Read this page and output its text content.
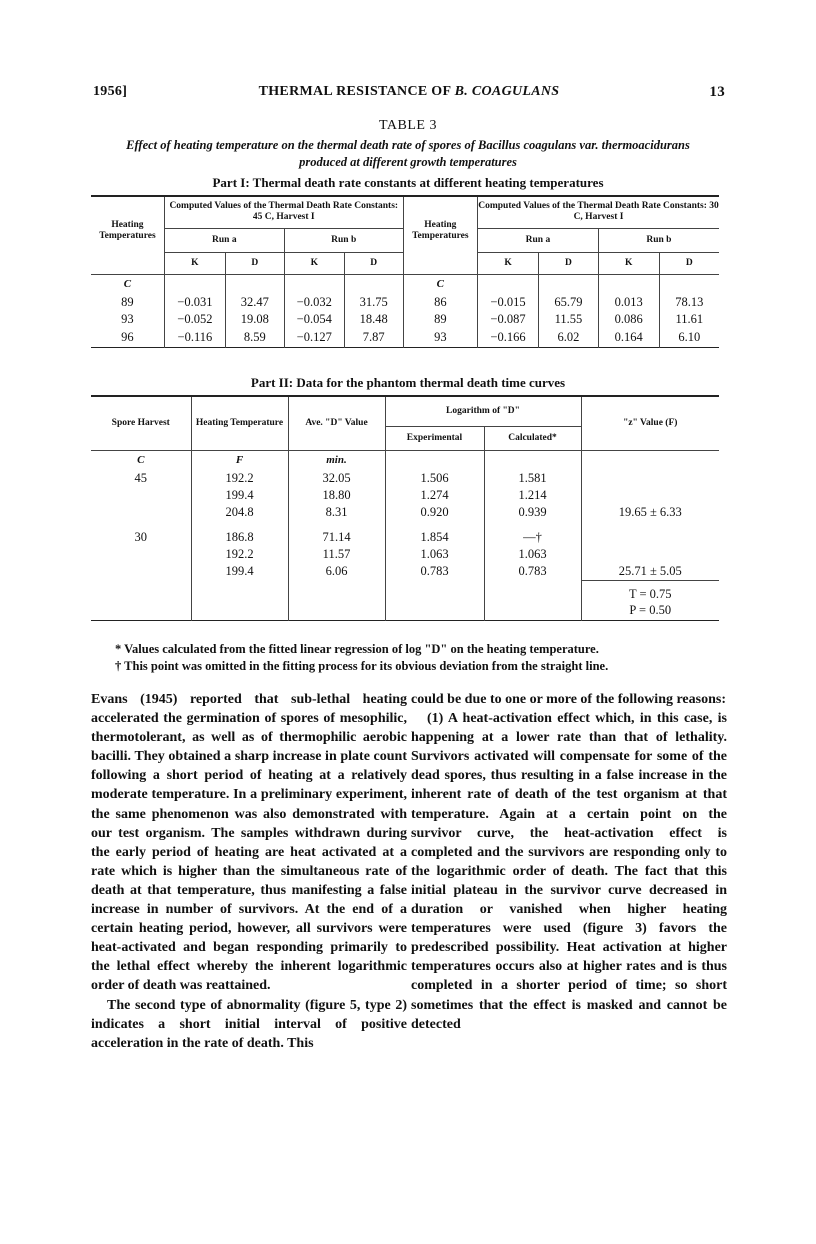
1956]	THERMAL RESISTANCE OF B. COAGULANS	13
TABLE 3
Effect of heating temperature on the thermal death rate of spores of Bacillus coagulans var. thermoacidurans
produced at different growth temperatures
Part I: Thermal death rate constants at different heating temperatures
Heating Temperatures	Computed Values of the Thermal Death Rate Constants: 45 C, Harvest I				Heating Temperatures	Computed Values of the Thermal Death Rate Constants: 30 C, Harvest I			
	Run a		Run b			Run a		Run b	
	K	D	K	D		K	D	K	D
C					C				
89	−0.031	32.47	−0.032	31.75	86	−0.015	65.79	0.013	78.13
93	−0.052	19.08	−0.054	18.48	89	−0.087	11.55	0.086	11.61
96	−0.116	8.59	−0.127	7.87	93	−0.166	6.02	0.164	6.10
Part II: Data for the phantom thermal death time curves
Spore Harvest	Heating Temperature	Ave. "D" Value	Logarithm of "D"		"z" Value (F)
			Experimental	Calculated*	
C	F	min.			
45	192.2	32.05	1.506	1.581	
	199.4	18.80	1.274	1.214	
	204.8	8.31	0.920	0.939	19.65 ± 6.33

30	186.8	71.14	1.854	—†	
	192.2	11.57	1.063	1.063	
	199.4	6.06	0.783	0.783	25.71 ± 5.05
					T = 0.75
					P = 0.50
* Values calculated from the fitted linear regression of log "D" on the heating temperature.
† This point was omitted in the fitting process for its obvious deviation from the straight line.

Evans (1945) reported that sub-lethal heating accelerated the germination of spores of mesophilic, thermotolerant, as well as of thermophilic aerobic bacilli. They obtained a sharp increase in plate count following a short period of heating at a relatively moderate temperature. In a preliminary experiment, the same phenomenon was also demonstrated with our test organism. The samples withdrawn during the early period of heating are heat activated at a rate which is higher than the simultaneous rate of death at that temperature, thus manifesting a false increase in number of survivors. At the end of a certain heating period, however, all survivors were heat-activated and began responding primarily to the lethal effect whereby the inherent logarithmic order of death was reattained.

The second type of abnormality (figure 5, type 2) indicates a short initial interval of positive acceleration in the rate of death. This

could be due to one or more of the following reasons:

(1) A heat-activation effect which, in this case, is happening at a lower rate than that of lethality. Survivors activated will compensate for some of the dead spores, thus resulting in a false increase in the inherent rate of death of the test organism at that temperature. Again at a certain point on the survivor curve, the heat-activation effect is completed and the survivors are responding only to the logarithmic order of death. The fact that this initial plateau in the survivor curve decreased in duration or vanished when higher heating temperatures were used (figure 3) favors the predescribed possibility. Heat activation at higher temperatures occurs also at higher rates and is thus completed in a shorter period of time; so short sometimes that the effect is masked and cannot be detected
